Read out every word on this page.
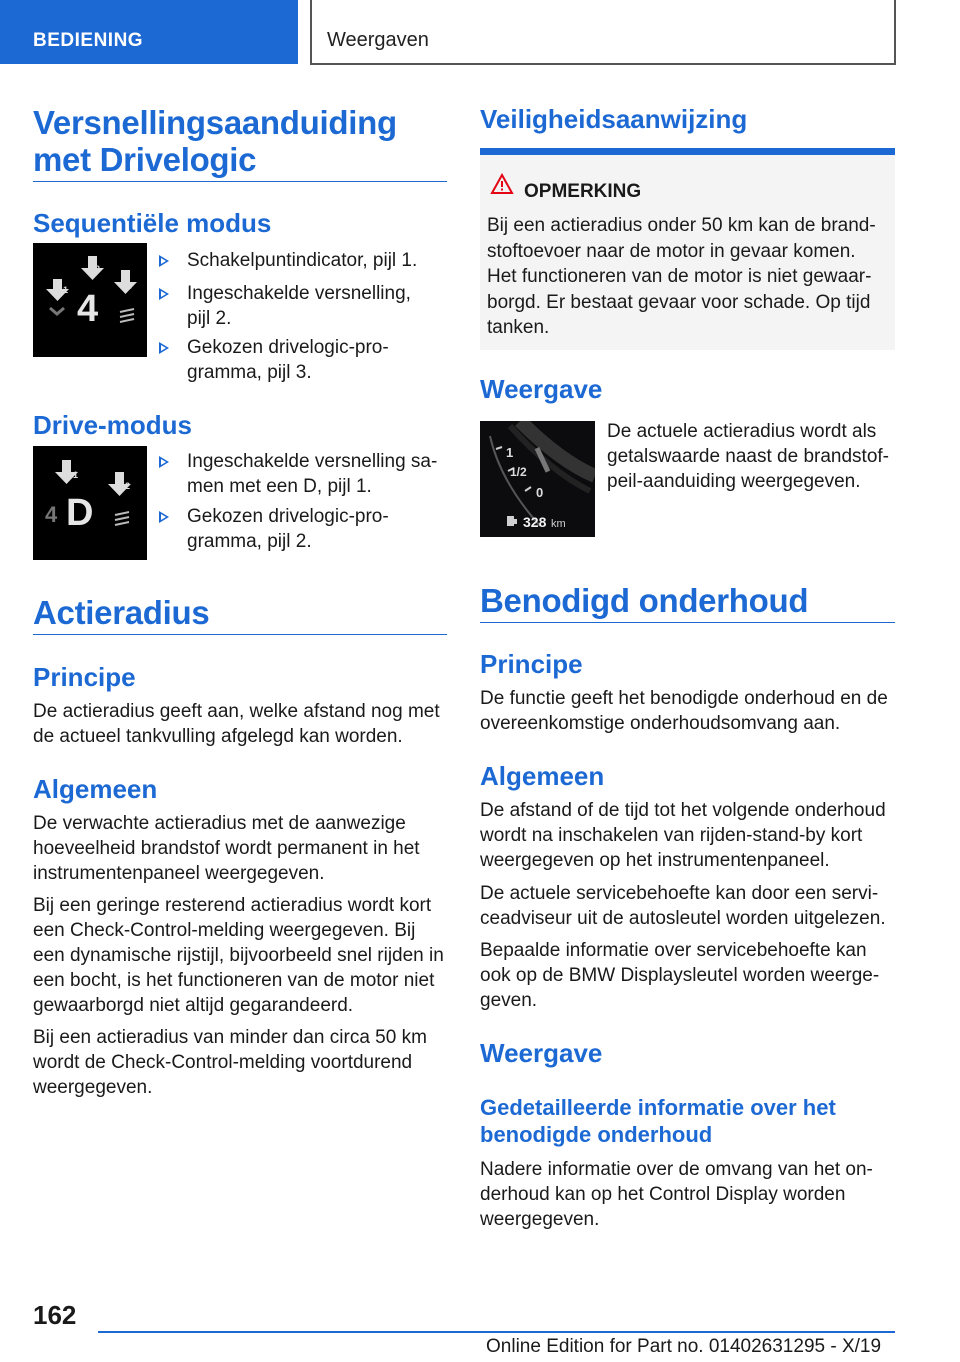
BEDIENING	Weergaven
Versnellingsaanduiding
met Drivelogic
Sequentiële modus
4
1
2
3
Schakelpuntindicator, pijl 1.
Ingeschakelde versnelling,
pijl 2.
Gekozen drivelogic-pro-
gramma, pijl 3.
Drive-modus
4 D
1
2
Ingeschakelde versnelling sa-
men met een D, pijl 1.
Gekozen drivelogic-pro-
gramma, pijl 2.
Actieradius
Principe
De actieradius geeft aan, welke afstand nog met
de actueel tankvulling afgelegd kan worden.
Algemeen
De verwachte actieradius met de aanwezige
hoeveelheid brandstof wordt permanent in het
instrumentenpaneel weergegeven.
Bij een geringe resterend actieradius wordt kort
een Check-Control-melding weergegeven. Bij
een dynamische rijstijl, bijvoorbeeld snel rijden in
een bocht, is het functioneren van de motor niet
gewaarborgd niet altijd gegarandeerd.
Bij een actieradius van minder dan circa 50 km
wordt de Check-Control-melding voortdurend
weergegeven.
Veiligheidsaanwijzing
OPMERKING
Bij een actieradius onder 50 km kan de brand-
stoftoevoer naar de motor in gevaar komen.
Het functioneren van de motor is niet gewaar-
borgd. Er bestaat gevaar voor schade. Op tijd
tanken.
Weergave
1
1/2
0
328 km
De actuele actieradius wordt als
getalswaarde naast de brandstof-
peil-aanduiding weergegeven.
Benodigd onderhoud
Principe
De functie geeft het benodigde onderhoud en de
overeenkomstige onderhoudsomvang aan.
Algemeen
De afstand of de tijd tot het volgende onderhoud
wordt na inschakelen van rijden-stand-by kort
weergegeven op het instrumentenpaneel.
De actuele servicebehoefte kan door een servi-
ceadviseur uit de autosleutel worden uitgelezen.
Bepaalde informatie over servicebehoefte kan
ook op de BMW Displaysleutel worden weerge-
geven.
Weergave
Gedetailleerde informatie over het
benodigde onderhoud
Nadere informatie over de omvang van het on-
derhoud kan op het Control Display worden
weergegeven.
162
Online Edition for Part no. 01402631295 - X/19
